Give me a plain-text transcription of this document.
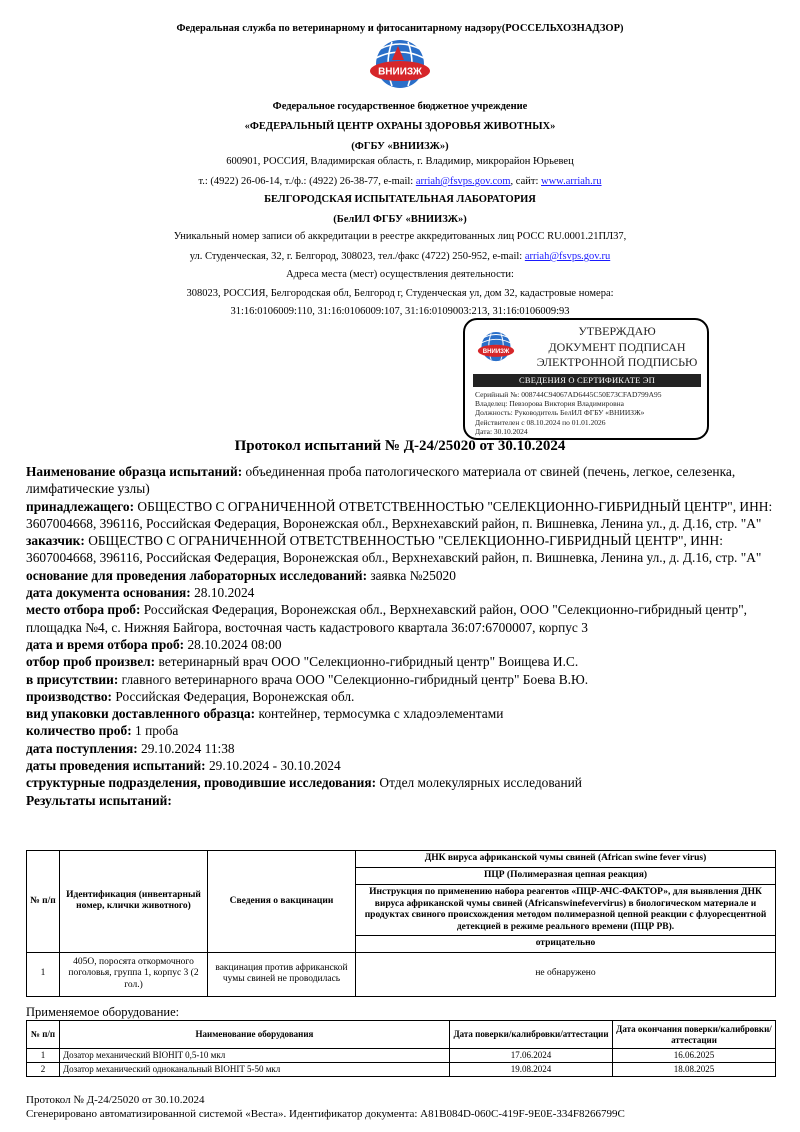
Федеральная служба по ветеринарному и фитосанитарному надзору(РОССЕЛЬХОЗНАДЗОР)
ВНИИЗЖ
Федеральное государственное бюджетное учреждение
«ФЕДЕРАЛЬНЫЙ ЦЕНТР ОХРАНЫ ЗДОРОВЬЯ ЖИВОТНЫХ»
(ФГБУ «ВНИИЗЖ»)
600901, РОССИЯ, Владимирская область, г. Владимир, микрорайон Юрьевец
т.: (4922) 26-06-14, т./ф.: (4922) 26-38-77, e-mail: arriah@fsvps.gov.com, сайт: www.arriah.ru
БЕЛГОРОДСКАЯ ИСПЫТАТЕЛЬНАЯ ЛАБОРАТОРИЯ
(БелИЛ ФГБУ «ВНИИЗЖ»)
Уникальный номер записи об аккредитации в реестре аккредитованных лиц РОСС RU.0001.21ПЛ37,
ул. Студенческая, 32, г. Белгород, 308023, тел./факс (4722) 250-952, e-mail: arriah@fsvps.gov.ru
Адреса места (мест) осуществления деятельности:
308023, РОССИЯ, Белгородская обл, Белгород г, Студенческая ул, дом 32, кадастровые номера:
31:16:0106009:110, 31:16:0106009:107, 31:16:0109003:213, 31:16:0106009:93
ВНИИЗЖ
УТВЕРЖДАЮ
ДОКУМЕНТ ПОДПИСАН
ЭЛЕКТРОННОЙ ПОДПИСЬЮ
СВЕДЕНИЯ О СЕРТИФИКАТЕ ЭП
Серийный №: 008744C94067AD6445C50E73CFAD799A95
Владелец: Певзорова Виктория Владимировна
Должность: Руководитель БелИЛ ФГБУ «ВНИИЗЖ»
Действителен с 08.10.2024 по 01.01.2026
Дата: 30.10.2024
Протокол испытаний № Д-24/25020 от 30.10.2024

Наименование образца испытаний: объединенная проба патологического материала от свиней (печень, легкое, селезенка, лимфатические узлы)

принадлежащего: ОБЩЕСТВО С ОГРАНИЧЕННОЙ ОТВЕТСТВЕННОСТЬЮ "СЕЛЕКЦИОННО-ГИБРИДНЫЙ ЦЕНТР", ИНН: 3607004668, 396116, Российская Федерация, Воронежская обл., Верхнехавский район, п. Вишневка, Ленина ул., д. Д.16, стр. "А"

заказчик: ОБЩЕСТВО С ОГРАНИЧЕННОЙ ОТВЕТСТВЕННОСТЬЮ "СЕЛЕКЦИОННО-ГИБРИДНЫЙ ЦЕНТР", ИНН: 3607004668, 396116, Российская Федерация, Воронежская обл., Верхнехавский район, п. Вишневка, Ленина ул., д. Д.16, стр. "А"

основание для проведения лабораторных исследований: заявка №25020

дата документа основания: 28.10.2024

место отбора проб: Российская Федерация, Воронежская обл., Верхнехавский район, ООО "Селекционно-гибридный центр", площадка №4, с. Нижняя Байгора, восточная часть кадастрового квартала 36:07:6700007, корпус 3

дата и время отбора проб: 28.10.2024 08:00

отбор проб произвел: ветеринарный врач ООО "Селекционно-гибридный центр" Воищева И.С.

в присутствии: главного ветеринарного врача ООО "Селекционно-гибридный центр" Боева В.Ю.

производство: Российская Федерация, Воронежская обл.

вид упаковки доставленного образца: контейнер, термосумка с хладоэлементами

количество проб: 1 проба

дата поступления: 29.10.2024 11:38

даты проведения испытаний: 29.10.2024 - 30.10.2024

структурные подразделения, проводившие исследования: Отдел молекулярных исследований

Результаты испытаний:

№ п/п	Идентификация (инвентарный номер, клички животного)	Сведения о вакцинации	ДНК вируса африканской чумы свиней (African swine fever virus)
			ПЦР (Полимеразная цепная реакция)
			Инструкция по применению набора реагентов «ПЦР-АЧС-ФАКТОР», для выявления ДНК вируса африканской чумы свиней (Africanswinefevervirus) в биологическом материале и продуктах свиного происхождения методом полимеразной цепной реакции с флуоресцентной детекцией в режиме реального времени (ПЦР РВ).
			отрицательно
1	405О, поросята откормочного поголовья, группа 1, корпус 3 (2 гол.)	вакцинация против африканской чумы свиней не проводилась	не обнаружено
Применяемое оборудование:
№ п/п	Наименование оборудования	Дата поверки/калибровки/аттестации	Дата окончания поверки/калибровки/аттестации
1	Дозатор механический BIOHIT 0,5-10 мкл	17.06.2024	16.06.2025
2	Дозатор механический одноканальный BIOHIT 5-50 мкл	19.08.2024	18.08.2025
Протокол № Д-24/25020 от 30.10.2024
Сгенерировано автоматизированной системой «Веста». Идентификатор документа: A81B084D-060C-419F-9E0E-334F8266799C
